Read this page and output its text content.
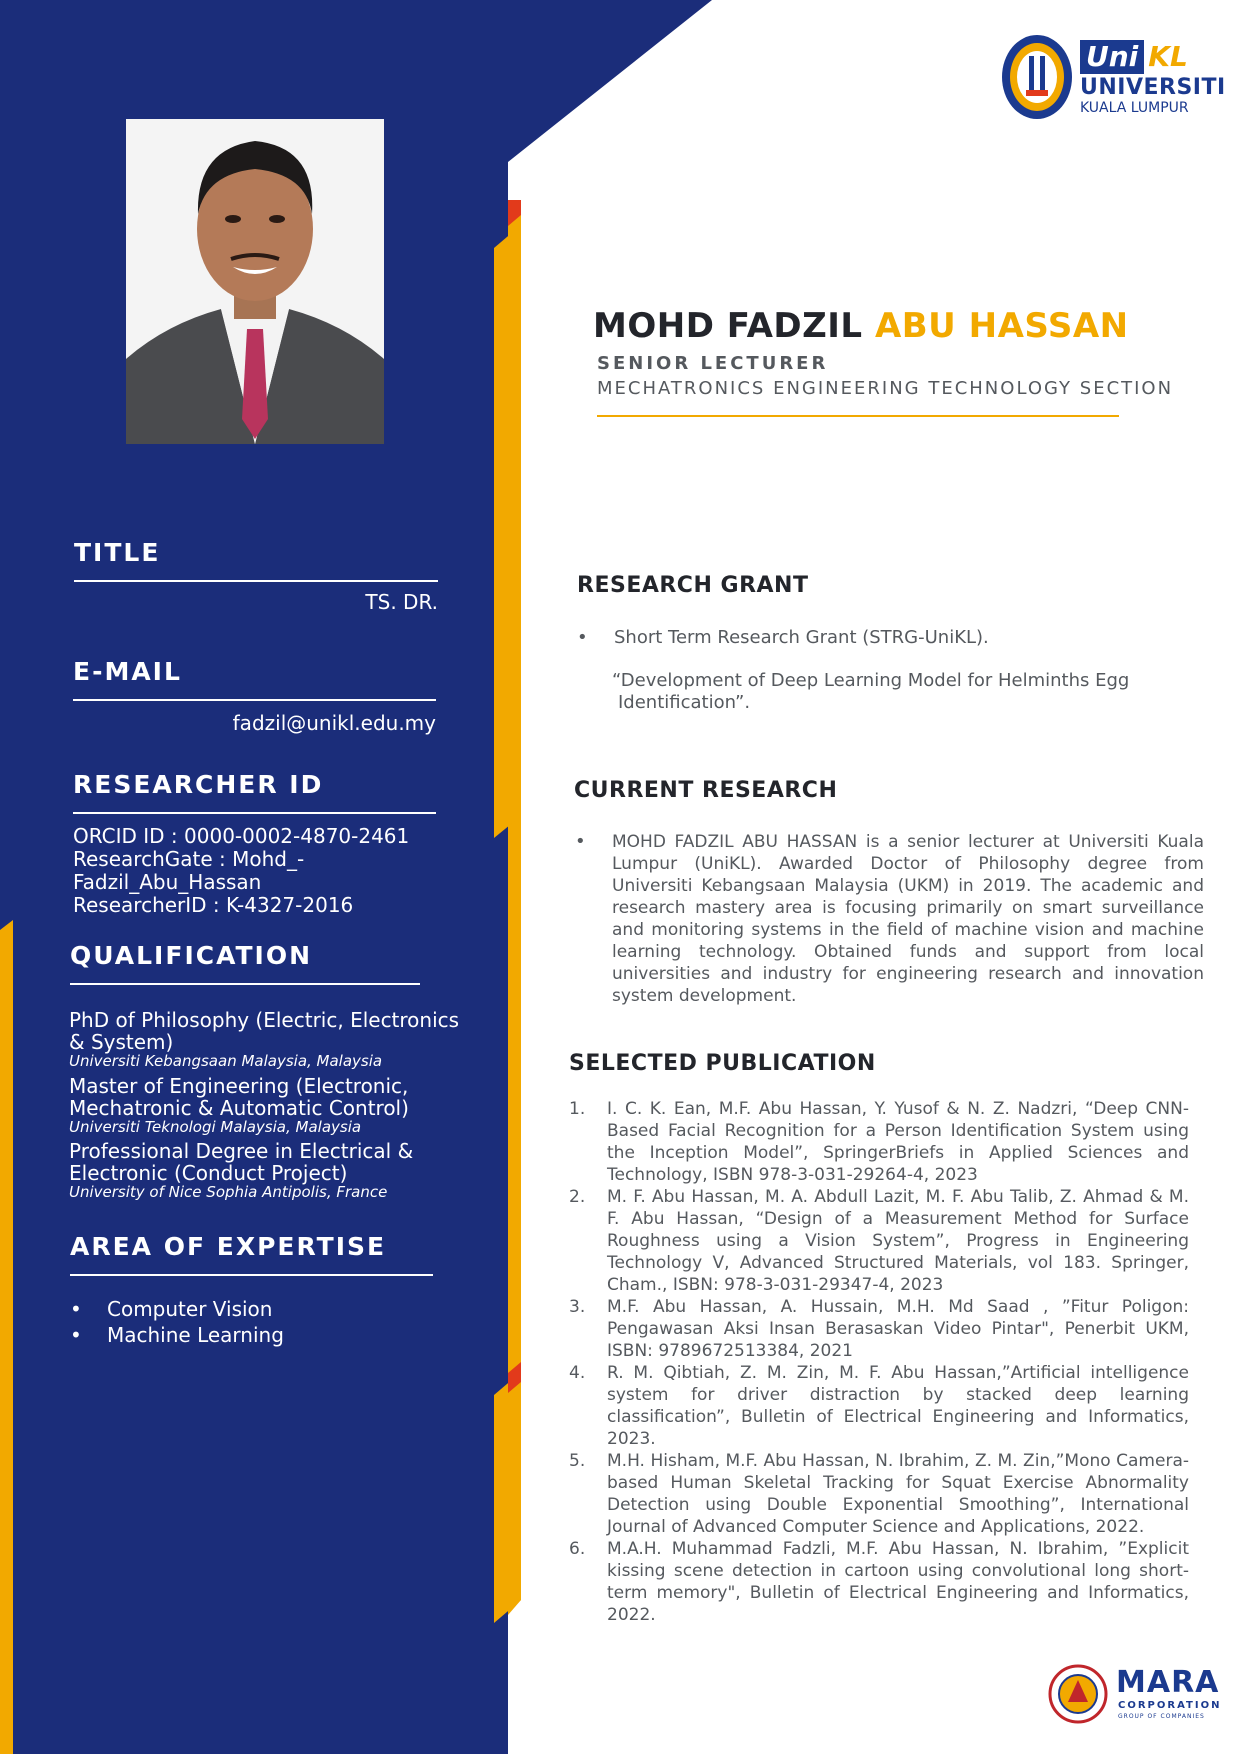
Uni KL
UNIVERSITI
KUALA LUMPUR
MOHD FADZIL ABU HASSAN
SENIOR LECTURER
MECHATRONICS ENGINEERING TECHNOLOGY SECTION
TITLE
TS. DR.
E-MAIL
fadzil@unikl.edu.my
RESEARCHER ID
ORCID ID : 0000-0002-4870-2461
ResearchGate : Mohd_-
Fadzil_Abu_Hassan
ResearcherID : K-4327-2016
QUALIFICATION
PhD of Philosophy (Electric, Electronics & System)
Universiti Kebangsaan Malaysia, Malaysia
Master of Engineering (Electronic, Mechatronic & Automatic Control)
Universiti Teknologi Malaysia, Malaysia
Professional Degree in Electrical & Electronic (Conduct Project)
University of Nice Sophia Antipolis, France
AREA OF EXPERTISE
• Computer Vision
• Machine Learning
RESEARCH GRANT
• Short Term Research Grant (STRG-UniKL).
“Development of Deep Learning Model for Helminths Egg
Identification”.
CURRENT RESEARCH
• MOHD FADZIL ABU HASSAN is a senior lecturer at Universiti Kuala Lumpur (UniKL). Awarded Doctor of Philosophy degree from Universiti Kebangsaan Malaysia (UKM) in 2019. The academic and research mastery area is focusing primarily on smart surveillance and monitoring systems in the field of machine vision and machine learning technology. Obtained funds and support from local universities and industry for engineering research and innovation system development.
SELECTED PUBLICATION
1. I. C. K. Ean, M.F. Abu Hassan, Y. Yusof & N. Z. Nadzri, “Deep CNN-Based Facial Recognition for a Person Identification System using the Inception Model”, SpringerBriefs in Applied Sciences and Technology, ISBN 978-3-031-29264-4, 2023
2. M. F. Abu Hassan, M. A. Abdull Lazit, M. F. Abu Talib, Z. Ahmad & M. F. Abu Hassan, “Design of a Measurement Method for Surface Roughness using a Vision System”, Progress in Engineering Technology V, Advanced Structured Materials, vol 183. Springer, Cham., ISBN: 978-3-031-29347-4, 2023
3. M.F. Abu Hassan, A. Hussain, M.H. Md Saad , ”Fitur Poligon: Pengawasan Aksi Insan Berasaskan Video Pintar", Penerbit UKM, ISBN: 9789672513384, 2021
4. R. M. Qibtiah, Z. M. Zin, M. F. Abu Hassan,”Artificial intelligence system for driver distraction by stacked deep learning classification”, Bulletin of Electrical Engineering and Informatics, 2023.
5. M.H. Hisham, M.F. Abu Hassan, N. Ibrahim, Z. M. Zin,”Mono Camera-based Human Skeletal Tracking for Squat Exercise Abnormality Detection using Double Exponential Smoothing”, International Journal of Advanced Computer Science and Applications, 2022.
6. M.A.H. Muhammad Fadzli, M.F. Abu Hassan, N. Ibrahim, ”Explicit kissing scene detection in cartoon using convolutional long short-term memory", Bulletin of Electrical Engineering and Informatics, 2022.
MARA
CORPORATION
GROUP OF COMPANIES
